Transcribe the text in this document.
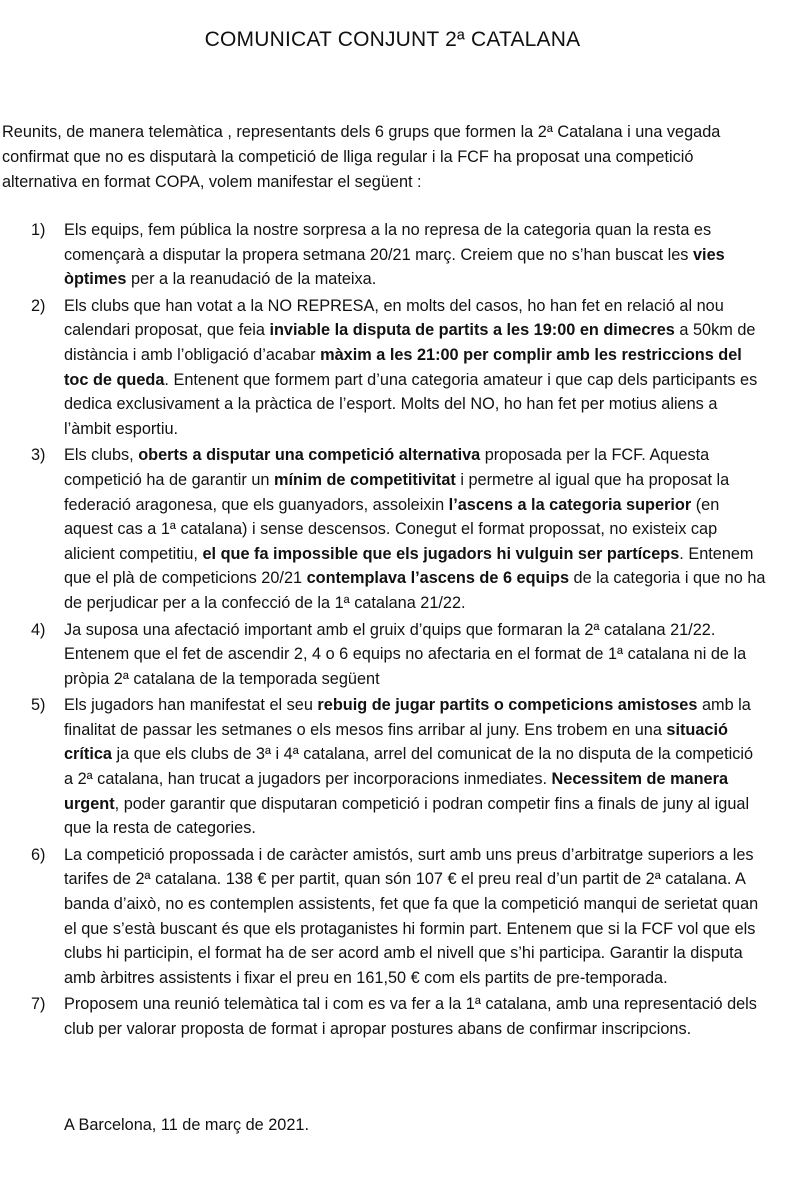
COMUNICAT CONJUNT 2ª CATALANA
Reunits, de manera telemàtica , representants dels 6 grups que formen la 2ª Catalana i una vegada confirmat que no es disputarà la competició de lliga regular i la FCF ha proposat una competició alternativa en format COPA, volem manifestar el següent :
1) Els equips, fem pública la nostre sorpresa a la no represa de la categoria quan la resta es començarà a disputar la propera setmana 20/21 març. Creiem que no s’han buscat les vies òptimes per a la reanudació de la mateixa.
2) Els clubs que han votat a la NO REPRESA, en molts del casos, ho han fet en relació al nou calendari proposat, que feia inviable la disputa de partits a les 19:00 en dimecres a 50km de distància i amb l’obligació d’acabar màxim a les 21:00 per complir amb les restriccions del toc de queda. Entenent que formem part d’una categoria amateur i que cap dels participants es dedica exclusivament a la pràctica de l’esport. Molts del NO, ho han fet per motius aliens a l’àmbit esportiu.
3) Els clubs, oberts a disputar una competició alternativa proposada per la FCF. Aquesta competició ha de garantir un mínim de competitivitat i permetre al igual que ha proposat la federació aragonesa, que els guanyadors, assoleixin l’ascens a la categoria superior (en aquest cas a 1ª catalana) i sense descensos. Conegut el format propossat, no existeix cap alicient competitiu, el que fa impossible que els jugadors hi vulguin ser partíceps. Entenem que el plà de competicions 20/21 contemplava l’ascens de 6 equips de la categoria i que no ha de perjudicar per a la confecció de la 1ª catalana 21/22.
4) Ja suposa una afectació important amb el gruix d’quips que formaran la 2ª catalana 21/22. Entenem que el fet de ascendir 2, 4 o 6 equips no afectaria en el format de 1ª catalana ni de la pròpia 2ª catalana de la temporada següent
5) Els jugadors han manifestat el seu rebuig de jugar partits o competicions amistoses amb la finalitat de passar les setmanes o els mesos fins arribar al juny. Ens trobem en una situació crítica ja que els clubs de 3ª i 4ª catalana, arrel del comunicat de la no disputa de la competició a 2ª catalana, han trucat a jugadors per incorporacions inmediates. Necessitem de manera urgent, poder garantir que disputaran competició i podran competir fins a finals de juny al igual que la resta de categories.
6) La competició propossada i de caràcter amistós, surt amb uns preus d’arbitratge superiors a les tarifes de 2ª catalana. 138 € per partit, quan són 107 € el preu real d’un partit de 2ª catalana. A banda d’això, no es contemplen assistents, fet que fa que la competició manqui de serietat quan el que s’està buscant és que els protaganistes hi formin part. Entenem que si la FCF vol que els clubs hi participin, el format ha de ser acord amb el nivell que s’hi participa. Garantir la disputa amb àrbitres assistents i fixar el preu en 161,50 € com els partits de pre-temporada.
7) Proposem una reunió telemàtica tal i com es va fer a la 1ª catalana, amb una representació dels club per valorar proposta de format i apropar postures abans de confirmar inscripcions.
A Barcelona, 11 de març de 2021.
